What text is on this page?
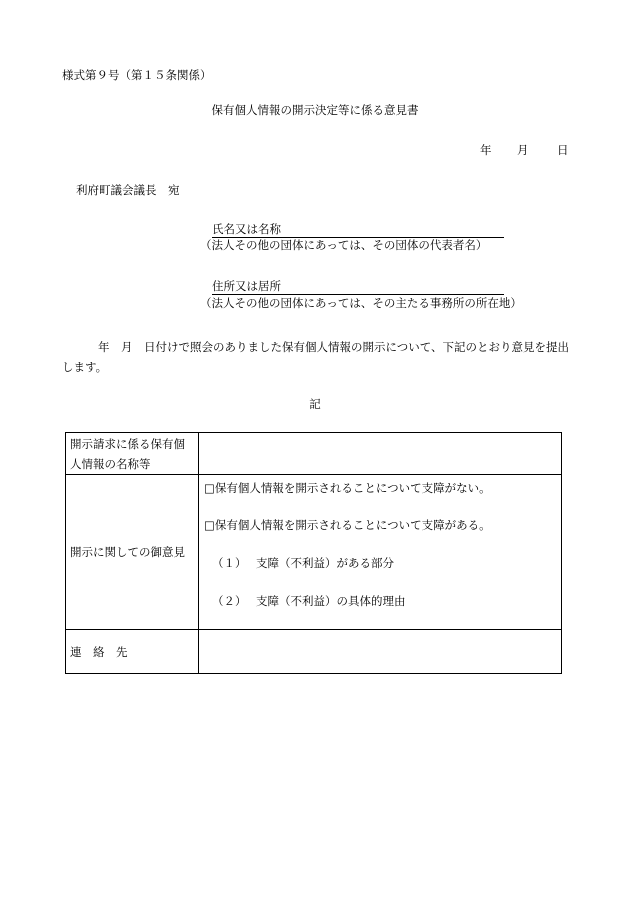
様式第９号（第１５条関係）
保有個人情報の開示決定等に係る意見書
年 月 日
利府町議会議長　宛
氏名又は名称
（法人その他の団体にあっては、その団体の代表者名）
住所又は居所
（法人その他の団体にあっては、その主たる事務所の所在地）
年　月　日付けで照会のありました保有個人情報の開示について、下記のとおり意見を提出します。
記
開示請求に係る保有個人情報の名称等	
開示に関しての御意見	□保有個人情報を開示されることについて支障がない。
□保有個人情報を開示されることについて支障がある。
（１） 支障（不利益）がある部分
（２） 支障（不利益）の具体的理由

連　絡　先	
